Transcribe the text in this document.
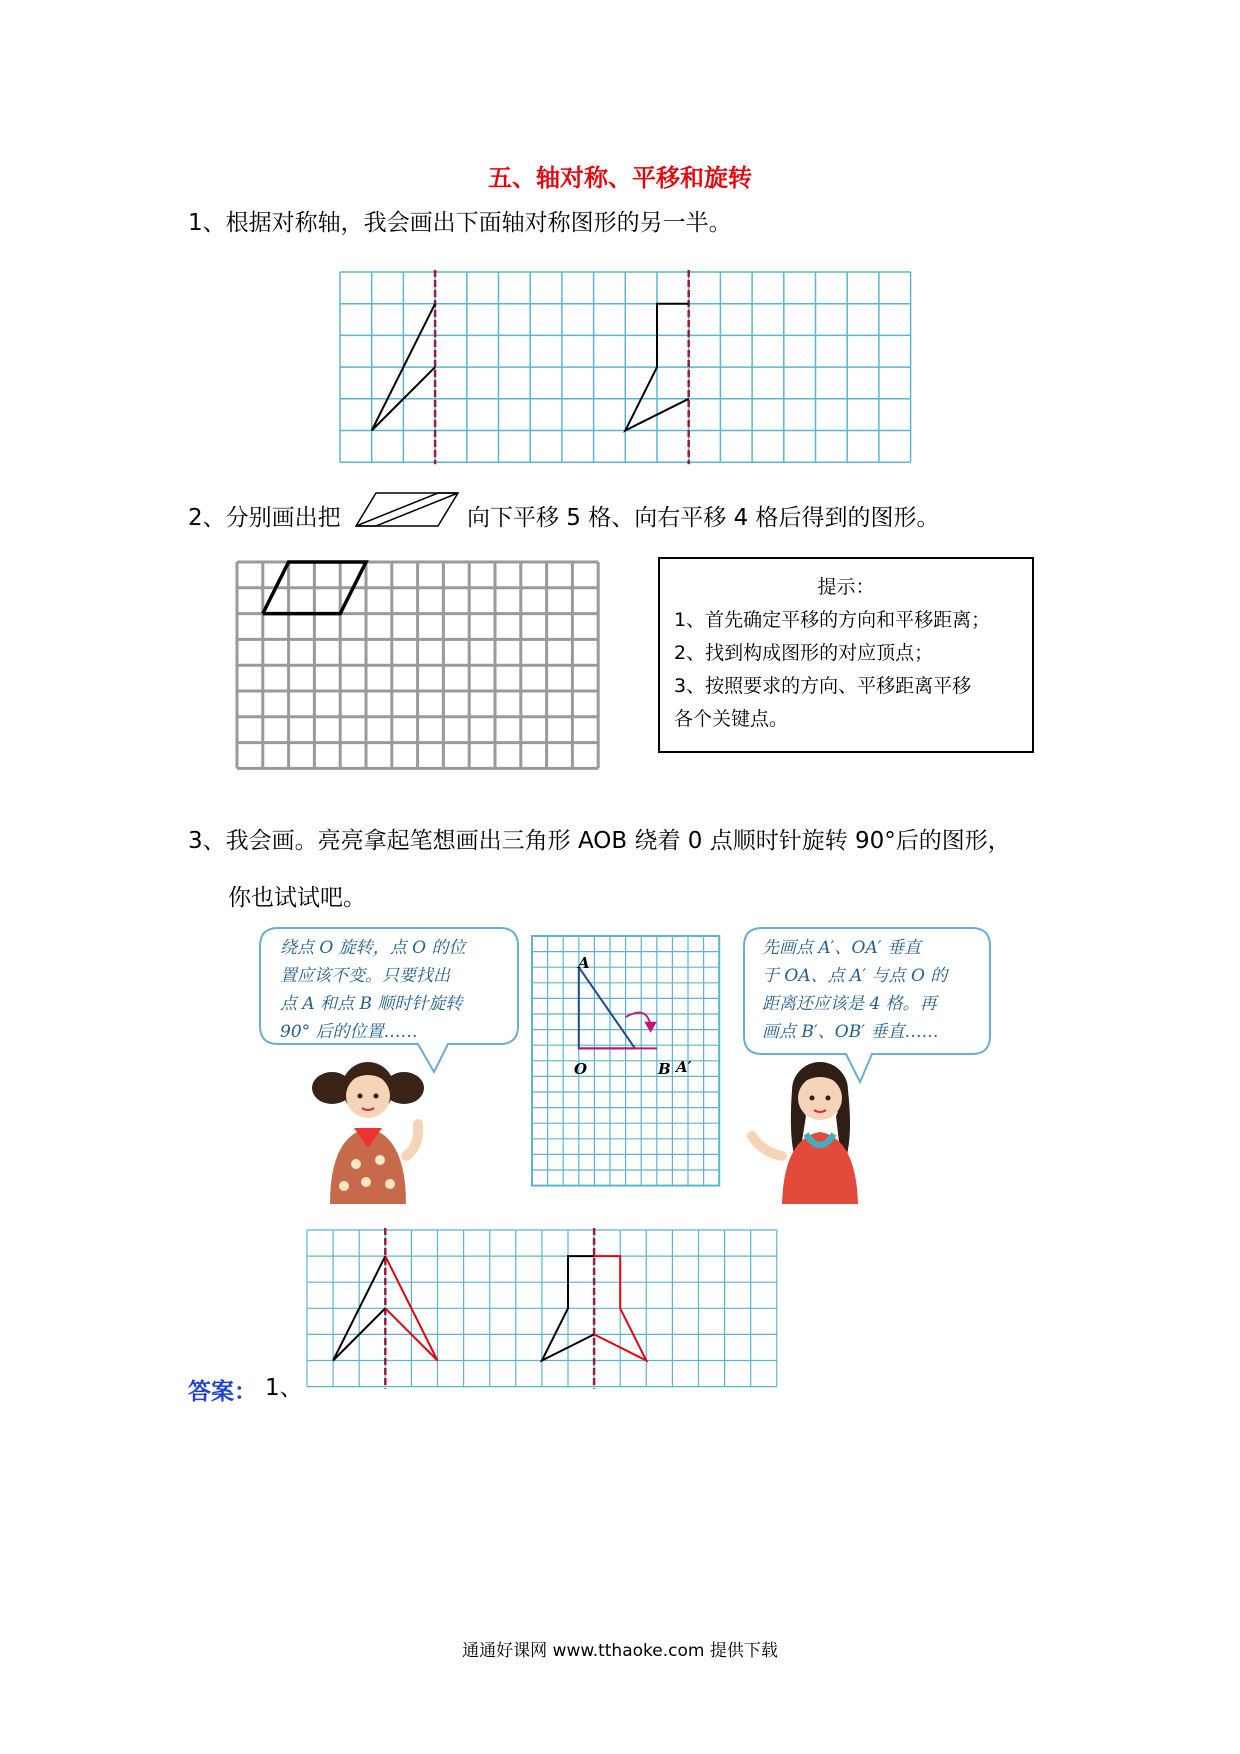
五、轴对称、平移和旋转
1、根据对称轴，我会画出下面轴对称图形的另一半。
2、分别画出把	向下平移 5 格、向右平移 4 格后得到的图形。
提示：
1、首先确定平移的方向和平移距离；
2、找到构成图形的对应顶点；
3、按照要求的方向、平移距离平移
各个关键点。
3、我会画。亮亮拿起笔想画出三角形 AOB 绕着 0 点顺时针旋转 90°后的图形，
你也试试吧。
绕点 O 旋转，点 O 的位
置应该不变。只要找出
点 A 和点 B 顺时针旋转
90° 后的位置……
先画点 A′、OA′ 垂直
于 OA、点 A′ 与点 O 的
距离还应该是 4 格。再
画点 B′、OB′ 垂直……
A
O	B A′
答案： 1、
通通好课网 www.tthaoke.com 提供下载
